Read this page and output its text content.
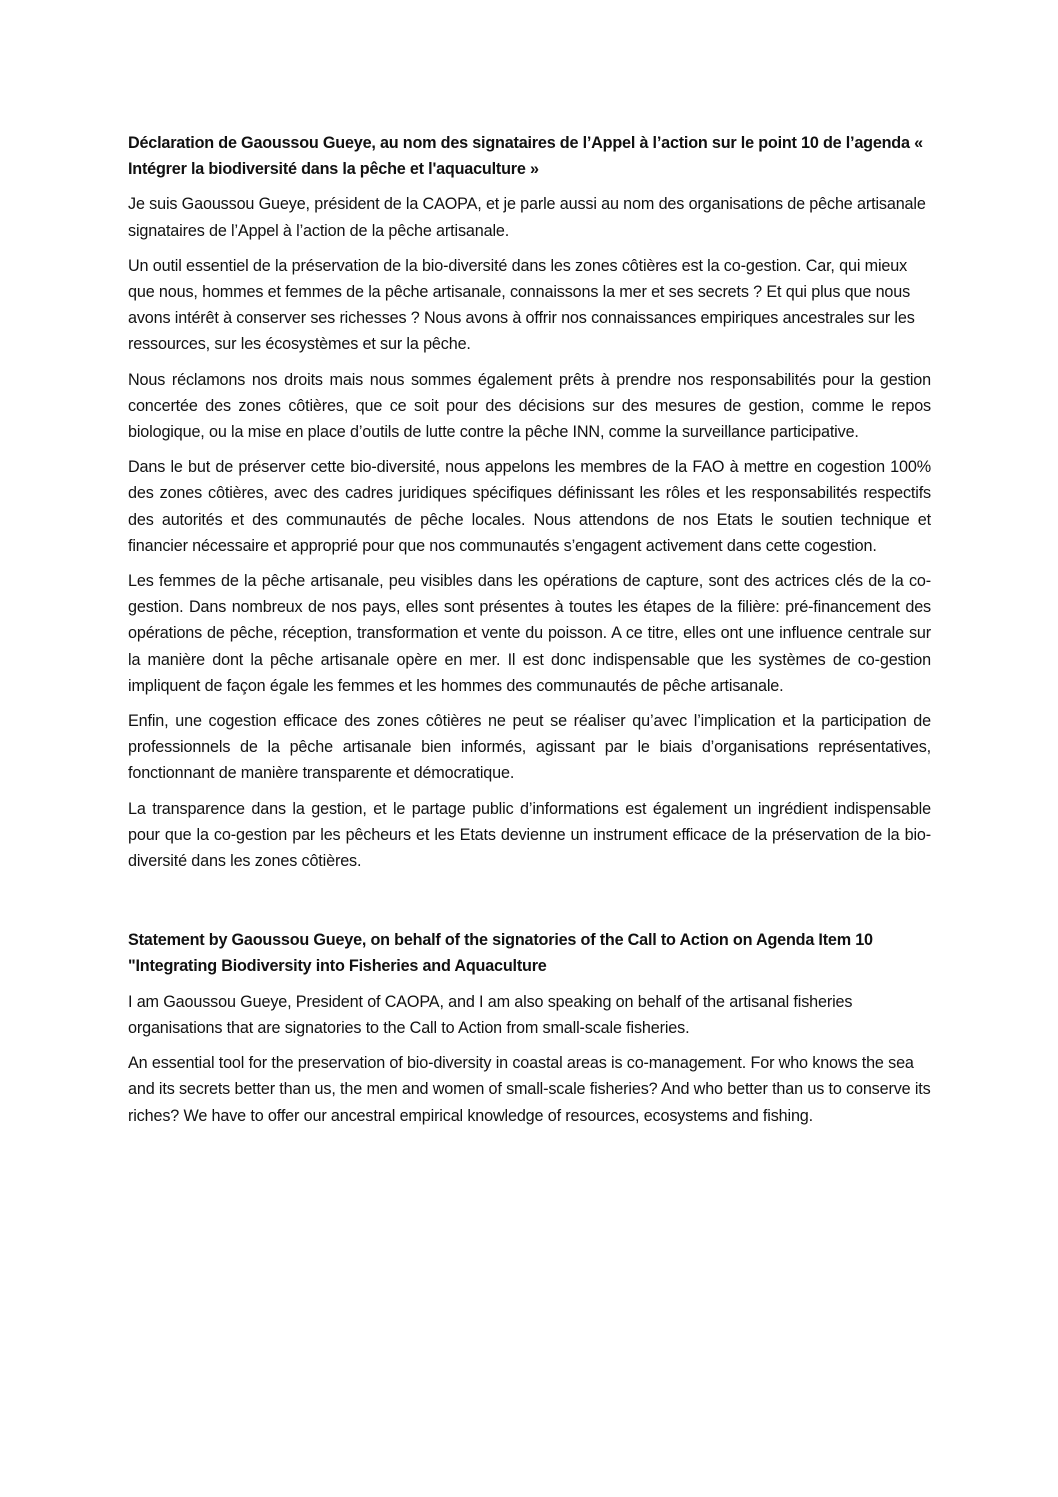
Déclaration de Gaoussou Gueye, au nom des signataires de l’Appel à l’action sur le point 10 de l’agenda « Intégrer la biodiversité dans la pêche et l'aquaculture »
Je suis Gaoussou Gueye, président de la CAOPA, et je parle aussi au nom des organisations de pêche artisanale signataires de l’Appel à l’action de la pêche artisanale.
Un outil essentiel de la préservation de la bio-diversité dans les zones côtières est la co-gestion. Car, qui mieux que nous, hommes et femmes de la pêche artisanale, connaissons la mer et ses secrets ? Et qui plus que nous avons intérêt à conserver ses richesses ? Nous avons à offrir nos connaissances empiriques ancestrales sur les ressources, sur les écosystèmes et sur la pêche.
Nous réclamons nos droits mais nous sommes également prêts à prendre nos responsabilités pour la gestion concertée des zones côtières, que ce soit pour des décisions sur des mesures de gestion, comme le repos biologique, ou la mise en place d’outils de lutte contre la pêche INN, comme la surveillance participative.
Dans le but de préserver cette bio-diversité, nous appelons les membres de la FAO à mettre en cogestion 100% des zones côtières, avec des cadres juridiques spécifiques définissant les rôles et les responsabilités respectifs des autorités et des communautés de pêche locales. Nous attendons de nos Etats le soutien technique et financier nécessaire et approprié pour que nos communautés s’engagent activement dans cette cogestion.
Les femmes de la pêche artisanale, peu visibles dans les opérations de capture, sont des actrices clés de la co-gestion. Dans nombreux de nos pays, elles sont présentes à toutes les étapes de la filière: pré-financement des opérations de pêche, réception, transformation et vente du poisson. A ce titre, elles ont une influence centrale sur la manière dont la pêche artisanale opère en mer. Il est donc indispensable que les systèmes de co-gestion impliquent de façon égale les femmes et les hommes des communautés de pêche artisanale.
Enfin, une cogestion efficace des zones côtières ne peut se réaliser qu’avec l’implication et la participation de professionnels de la pêche artisanale bien informés, agissant par le biais d’organisations représentatives, fonctionnant de manière transparente et démocratique.
La transparence dans la gestion, et le partage public d’informations est également un ingrédient indispensable pour que la co-gestion par les pêcheurs et les Etats devienne un instrument efficace de la préservation de la bio-diversité dans les zones côtières.
Statement by Gaoussou Gueye, on behalf of the signatories of the Call to Action on Agenda Item 10 "Integrating Biodiversity into Fisheries and Aquaculture
I am Gaoussou Gueye, President of CAOPA, and I am also speaking on behalf of the artisanal fisheries organisations that are signatories to the Call to Action from small-scale fisheries.
An essential tool for the preservation of bio-diversity in coastal areas is co-management. For who knows the sea and its secrets better than us, the men and women of small-scale fisheries? And who better than us to conserve its riches? We have to offer our ancestral empirical knowledge of resources, ecosystems and fishing.
